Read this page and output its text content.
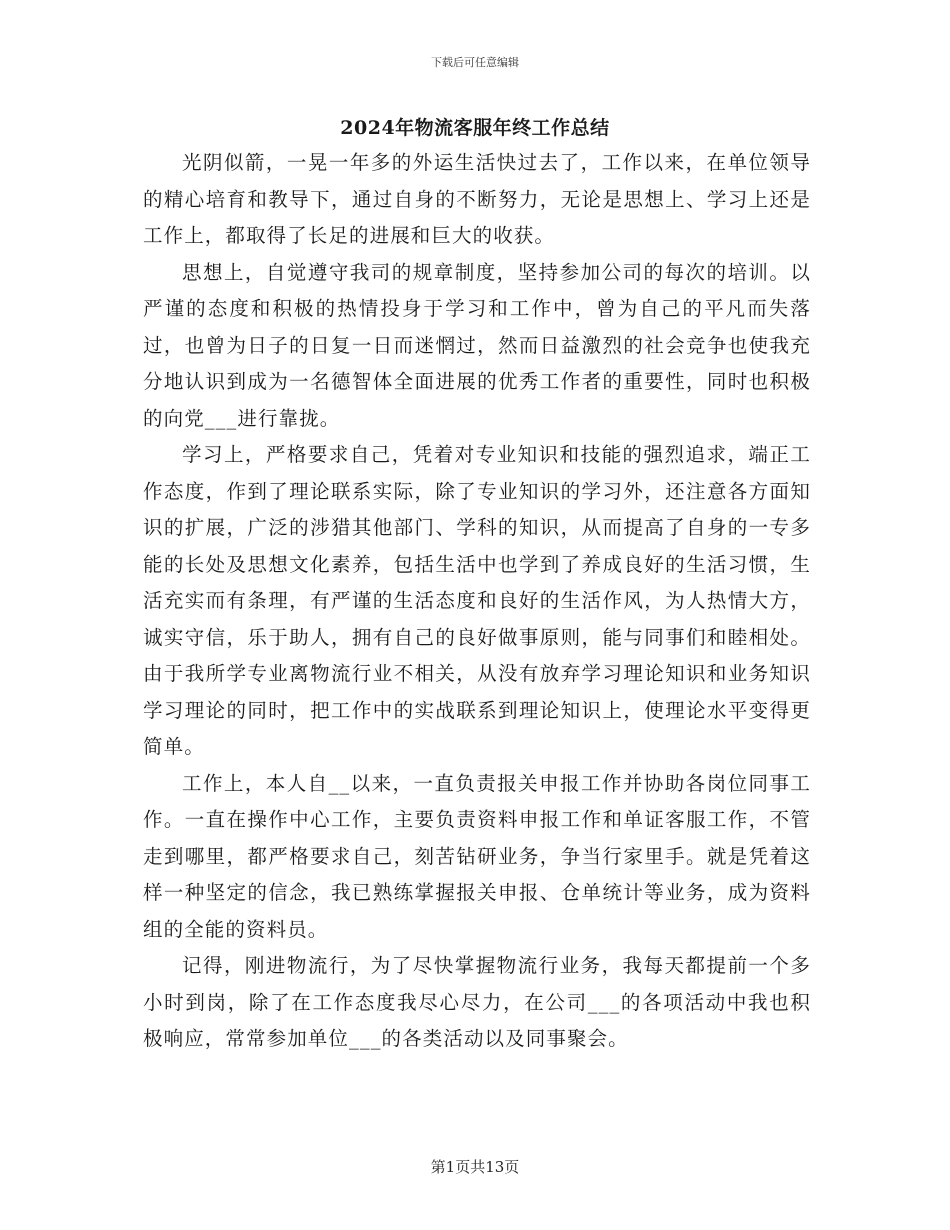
下载后可任意编辑
2024年物流客服年终工作总结

光阴似箭，一晃一年多的外运生活快过去了，工作以来，在单位领导的精心培育和教导下，通过自身的不断努力，无论是思想上、学习上还是工作上，都取得了长足的进展和巨大的收获。

思想上，自觉遵守我司的规章制度，坚持参加公司的每次的培训。以严谨的态度和积极的热情投身于学习和工作中，曾为自己的平凡而失落过，也曾为日子的日复一日而迷惘过，然而日益激烈的社会竞争也使我充分地认识到成为一名德智体全面进展的优秀工作者的重要性，同时也积极的向党___进行靠拢。

学习上，严格要求自己，凭着对专业知识和技能的强烈追求，端正工作态度，作到了理论联系实际，除了专业知识的学习外，还注意各方面知识的扩展，广泛的涉猎其他部门、学科的知识，从而提高了自身的一专多能的长处及思想文化素养，包括生活中也学到了养成良好的生活习惯，生活充实而有条理，有严谨的生活态度和良好的生活作风，为人热情大方，诚实守信，乐于助人，拥有自己的良好做事原则，能与同事们和睦相处。由于我所学专业离物流行业不相关，从没有放弃学习理论知识和业务知识学习理论的同时，把工作中的实战联系到理论知识上，使理论水平变得更简单。

工作上，本人自__以来，一直负责报关申报工作并协助各岗位同事工作。一直在操作中心工作，主要负责资料申报工作和单证客服工作，不管走到哪里，都严格要求自己，刻苦钻研业务，争当行家里手。就是凭着这样一种坚定的信念，我已熟练掌握报关申报、仓单统计等业务，成为资料组的全能的资料员。

记得，刚进物流行，为了尽快掌握物流行业务，我每天都提前一个多小时到岗，除了在工作态度我尽心尽力，在公司___的各项活动中我也积极响应，常常参加单位___的各类活动以及同事聚会。

第1页共13页
